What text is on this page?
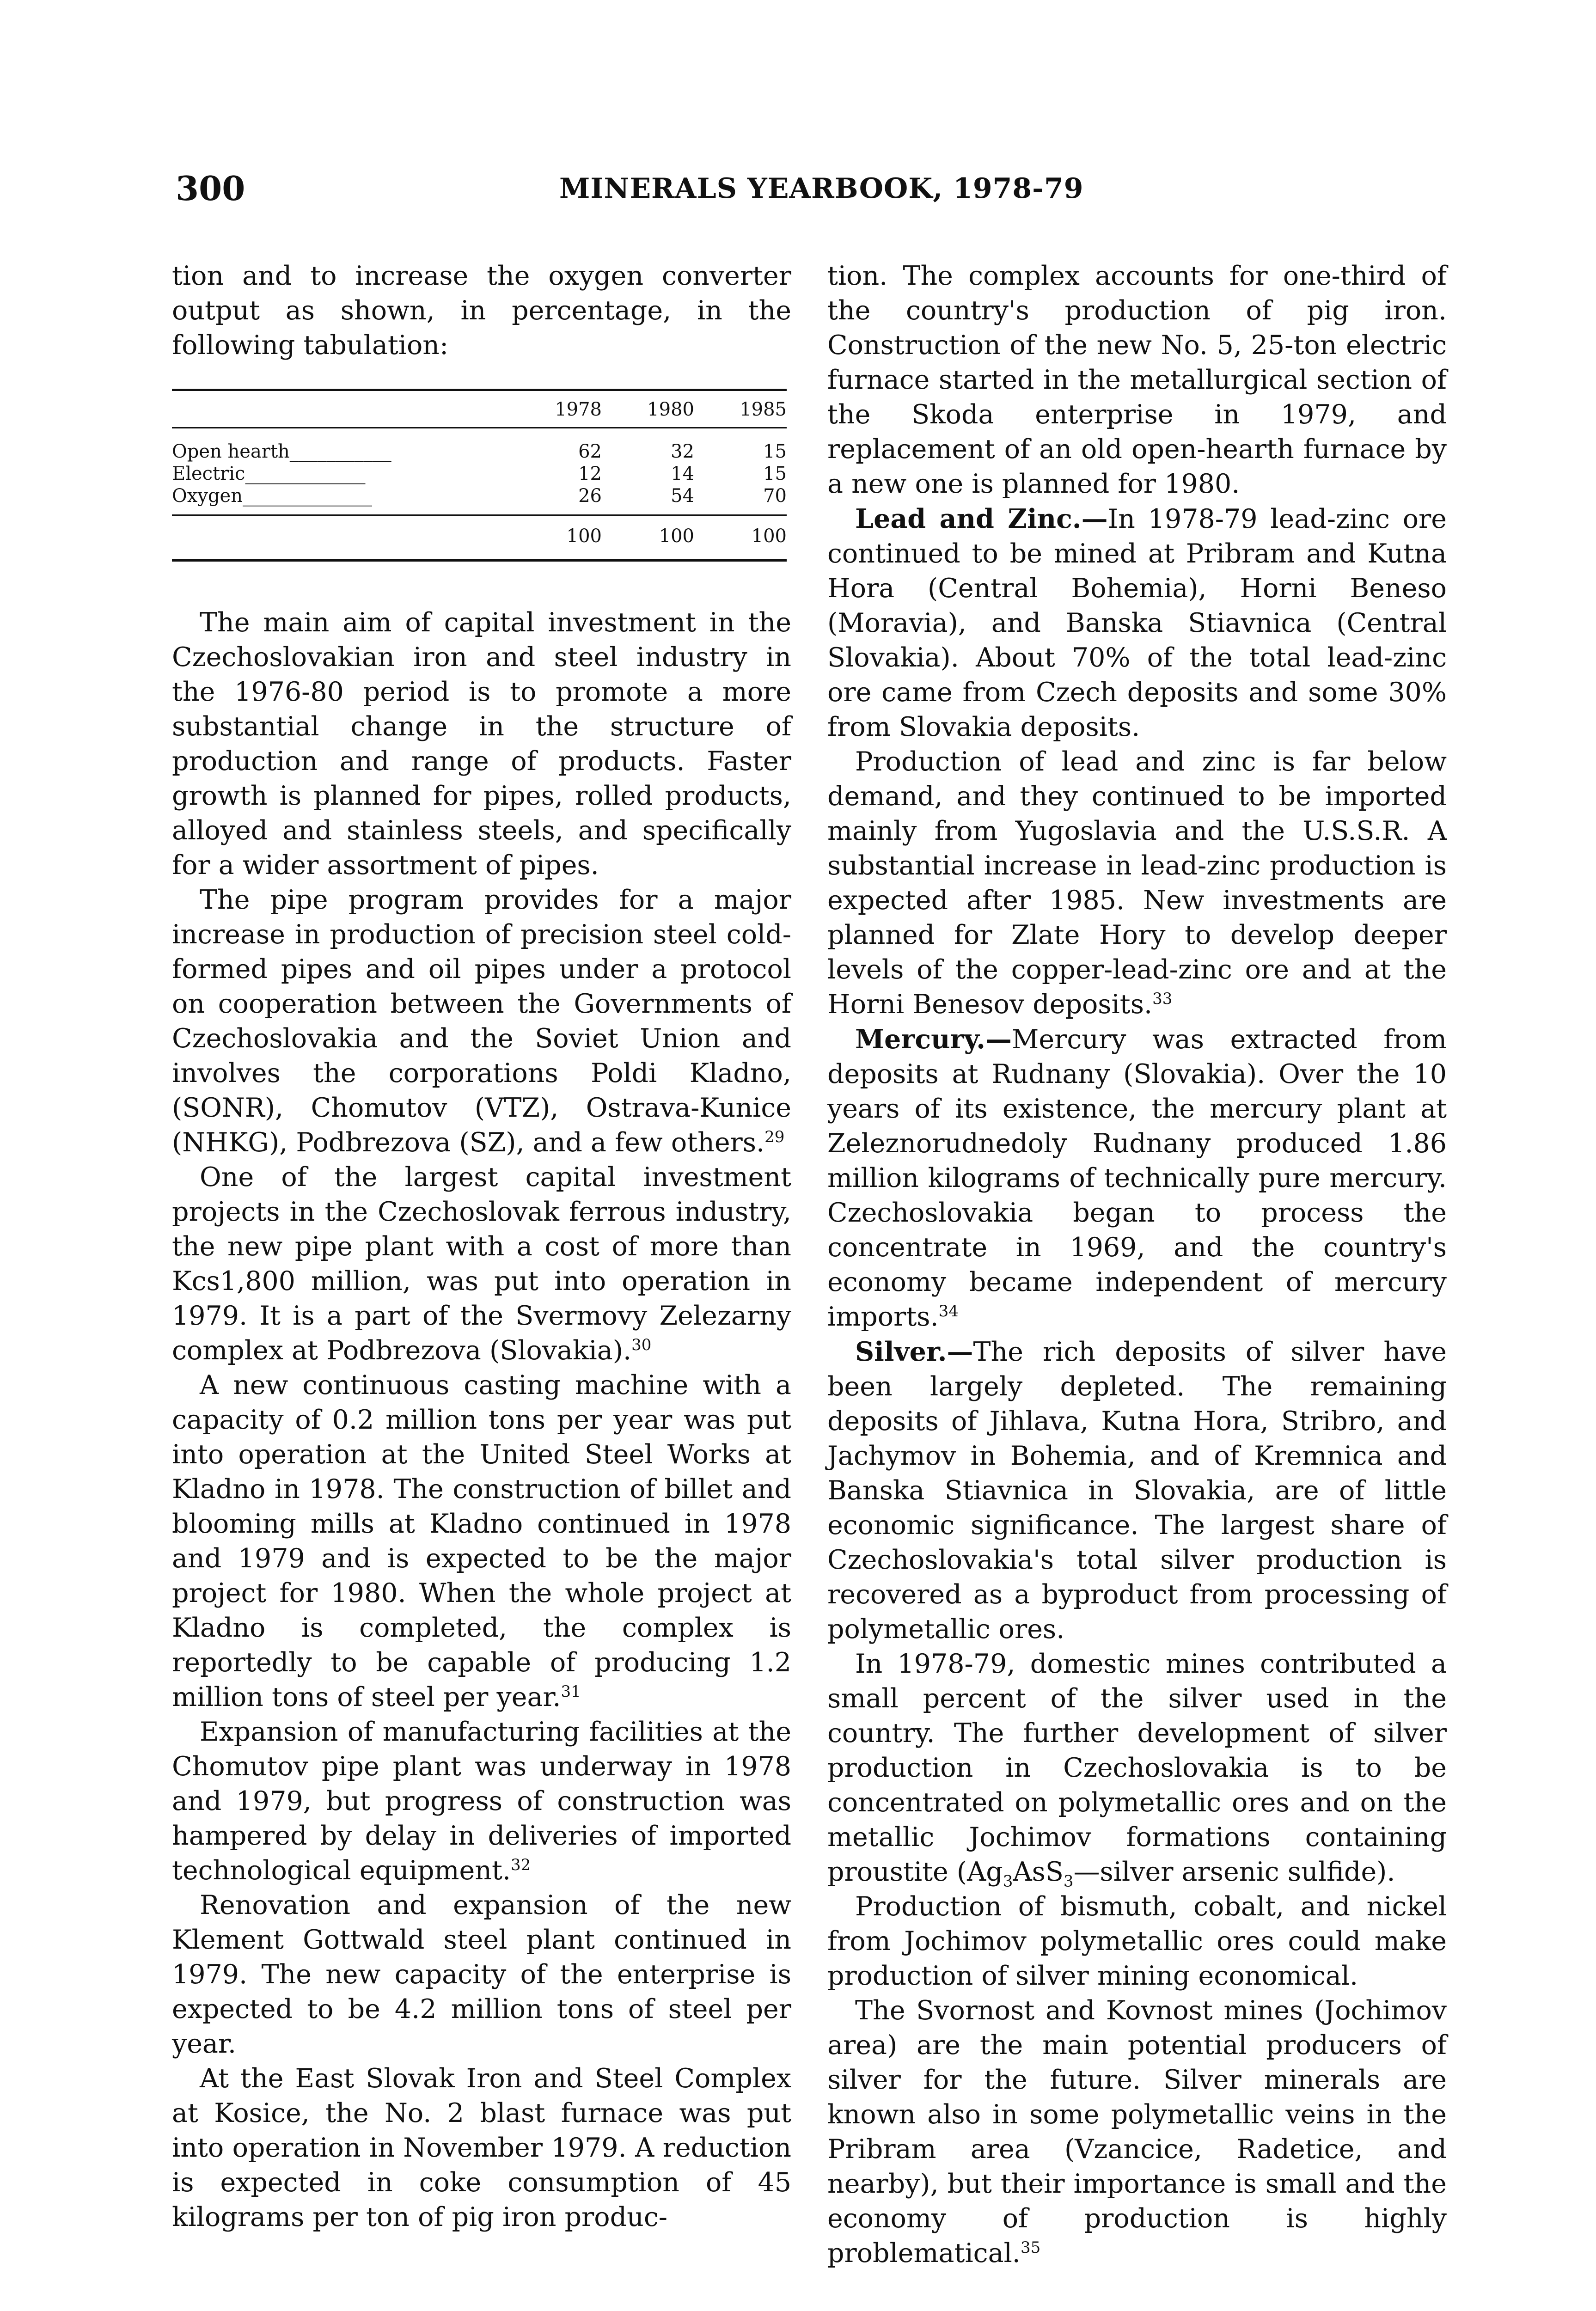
300	MINERALS YEARBOOK, 1978-79

tion and to increase the oxygen converter output as shown, in percentage, in the following tabulation:

1978	1980	1985
Open hearth___________	62	32	15
Electric_____________	12	14	15
Oxygen______________	26	54	70
100	100	100

The main aim of capital investment in the Czechoslovakian iron and steel industry in the 1976-80 period is to promote a more substantial change in the structure of production and range of products. Faster growth is planned for pipes, rolled products, alloyed and stainless steels, and specifically for a wider assortment of pipes.

The pipe program provides for a major increase in production of precision steel cold-formed pipes and oil pipes under a protocol on cooperation between the Governments of Czechoslovakia and the Soviet Union and involves the corporations Poldi Kladno, (SONR), Chomutov (VTZ), Ostrava-Kunice (NHKG), Podbrezova (SZ), and a few others.$^{29}$

One of the largest capital investment projects in the Czechoslovak ferrous industry, the new pipe plant with a cost of more than Kcs1,800 million, was put into operation in 1979. It is a part of the Svermovy Zelezarny complex at Podbrezova (Slovakia).$^{30}$

A new continuous casting machine with a capacity of 0.2 million tons per year was put into operation at the United Steel Works at Kladno in 1978. The construction of billet and blooming mills at Kladno continued in 1978 and 1979 and is expected to be the major project for 1980. When the whole project at Kladno is completed, the complex is reportedly to be capable of producing 1.2 million tons of steel per year.$^{31}$

Expansion of manufacturing facilities at the Chomutov pipe plant was underway in 1978 and 1979, but progress of construction was hampered by delay in deliveries of imported technological equipment.$^{32}$

Renovation and expansion of the new Klement Gottwald steel plant continued in 1979. The new capacity of the enterprise is expected to be 4.2 million tons of steel per year.

At the East Slovak Iron and Steel Complex at Kosice, the No. 2 blast furnace was put into operation in November 1979. A reduction is expected in coke consumption of 45 kilograms per ton of pig iron produc-

tion. The complex accounts for one-third of the country's production of pig iron. Construction of the new No. 5, 25-ton electric furnace started in the metallurgical section of the Skoda enterprise in 1979, and replacement of an old open-hearth furnace by a new one is planned for 1980.

Lead and Zinc.—In 1978-79 lead-zinc ore continued to be mined at Pribram and Kutna Hora (Central Bohemia), Horni Beneso (Moravia), and Banska Stiavnica (Central Slovakia). About 70% of the total lead-zinc ore came from Czech deposits and some 30% from Slovakia deposits.

Production of lead and zinc is far below demand, and they continued to be imported mainly from Yugoslavia and the U.S.S.R. A substantial increase in lead-zinc production is expected after 1985. New investments are planned for Zlate Hory to develop deeper levels of the copper-lead-zinc ore and at the Horni Benesov deposits.$^{33}$

Mercury.—Mercury was extracted from deposits at Rudnany (Slovakia). Over the 10 years of its existence, the mercury plant at Zeleznorudnedoly Rudnany produced 1.86 million kilograms of technically pure mercury. Czechoslovakia began to process the concentrate in 1969, and the country's economy became independent of mercury imports.$^{34}$

Silver.—The rich deposits of silver have been largely depleted. The remaining deposits of Jihlava, Kutna Hora, Stribro, and Jachymov in Bohemia, and of Kremnica and Banska Stiavnica in Slovakia, are of little economic significance. The largest share of Czechoslovakia's total silver production is recovered as a byproduct from processing of polymetallic ores.

In 1978-79, domestic mines contributed a small percent of the silver used in the country. The further development of silver production in Czechoslovakia is to be concentrated on polymetallic ores and on the metallic Jochimov formations containing proustite ($Ag_3AsS_3—silver$ arsenic sulfide).

Production of bismuth, cobalt, and nickel from Jochimov polymetallic ores could make production of silver mining economical.

The Svornost and Kovnost mines (Jochimov area) are the main potential producers of silver for the future. Silver minerals are known also in some polymetallic veins in the Pribram area (Vzancice, Radetice, and nearby), but their importance is small and the economy of production is highly problematical.$^{35}$
